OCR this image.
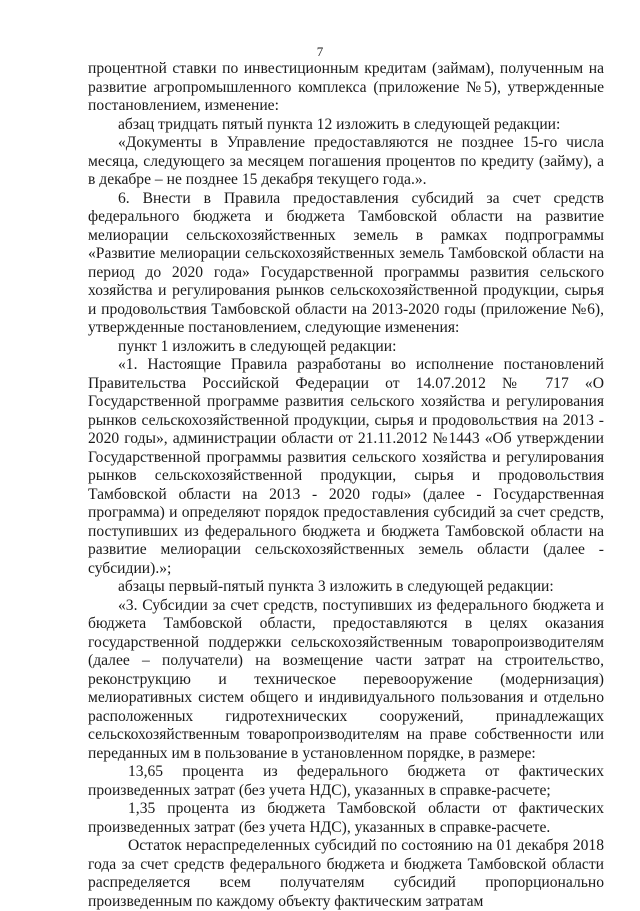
7

процентной ставки по инвестиционным кредитам (займам), полученным на развитие агропромышленного комплекса (приложение №5), утвержденные постановлением, изменение:

абзац тридцать пятый пункта 12 изложить в следующей редакции:

«Документы в Управление предоставляются не позднее 15-го числа месяца, следующего за месяцем погашения процентов по кредиту (займу), а в декабре – не позднее 15 декабря текущего года.».

6. Внести в Правила предоставления субсидий за счет средств федерального бюджета и бюджета Тамбовской области на развитие мелиорации сельскохозяйственных земель в рамках подпрограммы «Развитие мелиорации сельскохозяйственных земель Тамбовской области на период до 2020 года» Государственной программы развития сельского хозяйства и регулирования рынков сельскохозяйственной продукции, сырья и продовольствия Тамбовской области на 2013-2020 годы (приложение №6), утвержденные постановлением, следующие изменения:

пункт 1 изложить в следующей редакции:

«1. Настоящие Правила разработаны во исполнение постановлений Правительства Российской Федерации от 14.07.2012 № 717 «О Государственной программе развития сельского хозяйства и регулирования рынков сельскохозяйственной продукции, сырья и продовольствия на 2013 - 2020 годы», администрации области от 21.11.2012 №1443 «Об утверждении Государственной программы развития сельского хозяйства и регулирования рынков сельскохозяйственной продукции, сырья и продовольствия Тамбовской области на 2013 - 2020 годы» (далее - Государственная программа) и определяют порядок предоставления субсидий за счет средств, поступивших из федерального бюджета и бюджета Тамбовской области на развитие мелиорации сельскохозяйственных земель области (далее - субсидии).»;

абзацы первый-пятый пункта 3 изложить в следующей редакции:

«3. Субсидии за счет средств, поступивших из федерального бюджета и бюджета Тамбовской области, предоставляются в целях оказания государственной поддержки сельскохозяйственным товаропроизводителям (далее – получатели) на возмещение части затрат на строительство, реконструкцию и техническое перевооружение (модернизация) мелиоративных систем общего и индивидуального пользования и отдельно расположенных гидротехнических сооружений, принадлежащих сельскохозяйственным товаропроизводителям на праве собственности или переданных им в пользование в установленном порядке, в размере:

13,65 процента из федерального бюджета от фактических произведенных затрат (без учета НДС), указанных в справке-расчете;

1,35 процента из бюджета Тамбовской области от фактических произведенных затрат (без учета НДС), указанных в справке-расчете.

Остаток нераспределенных субсидий по состоянию на 01 декабря 2018 года за счет средств федерального бюджета и бюджета Тамбовской области распределяется всем получателям субсидий пропорционально произведенным по каждому объекту фактическим затратам
